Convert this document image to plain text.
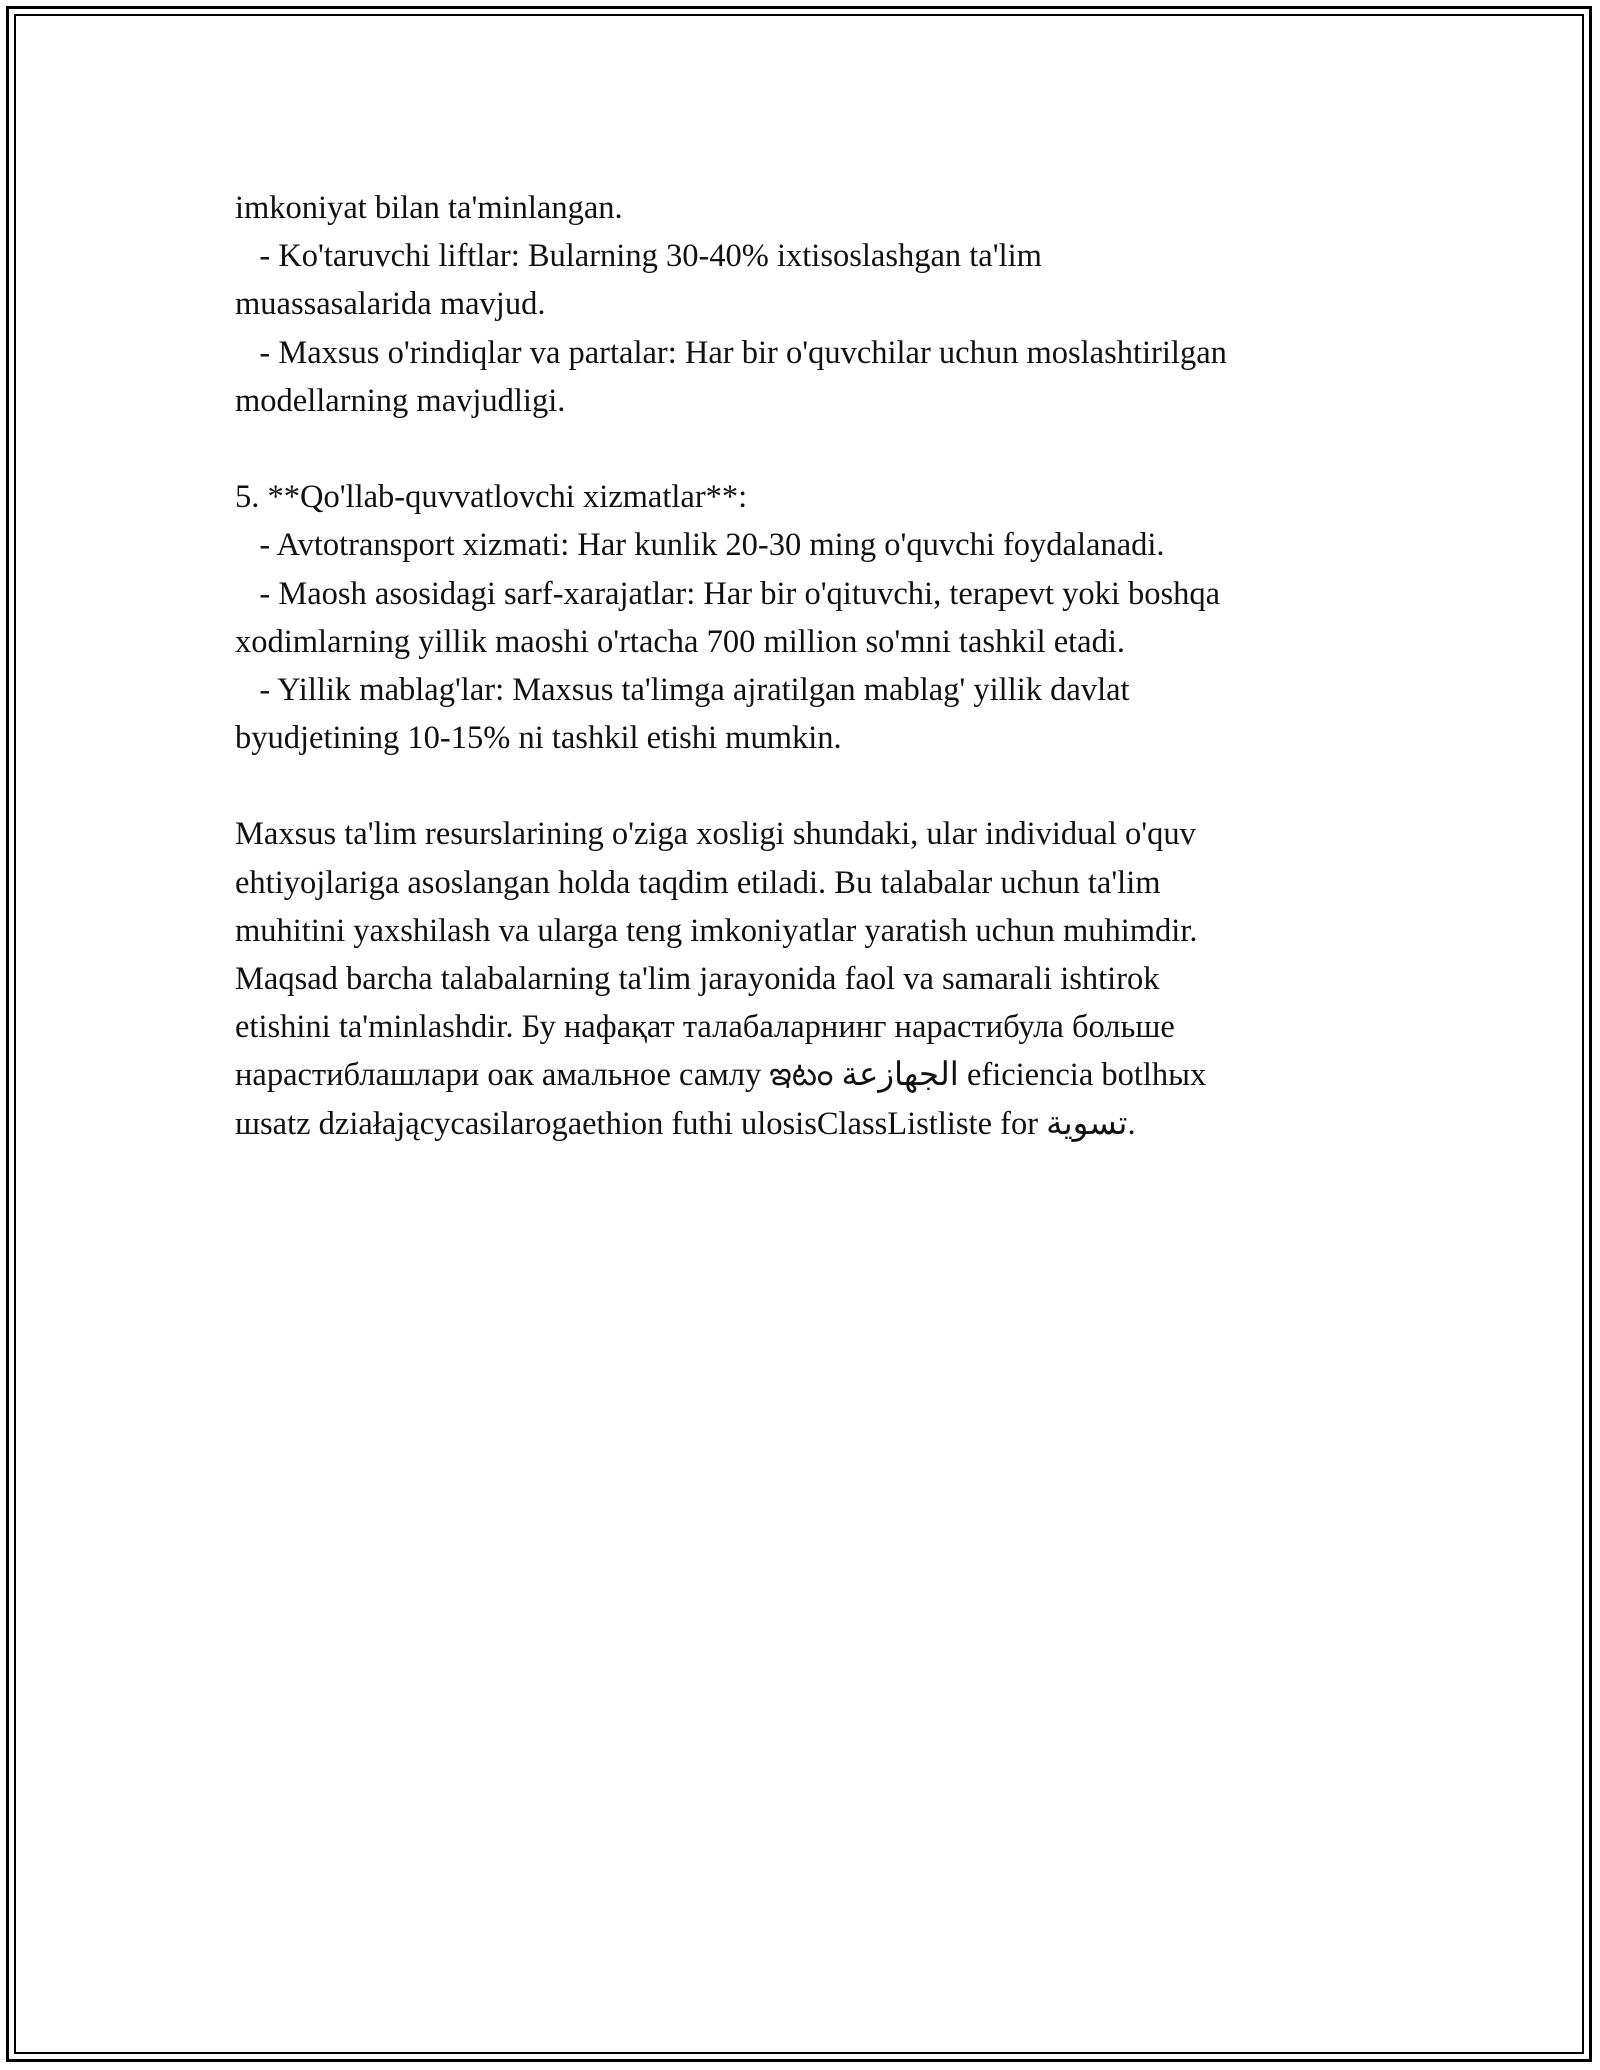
imkoniyat bilan ta'minlangan.
- Ko'taruvchi liftlar: Bularning 30-40% ixtisoslashgan ta'lim
muassasalarida mavjud.
- Maxsus o'rindiqlar va partalar: Har bir o'quvchilar uchun moslashtirilgan
modellarning mavjudligi.
5. **Qo'llab-quvvatlovchi xizmatlar**:
- Avtotransport xizmati: Har kunlik 20-30 ming o'quvchi foydalanadi.
- Maosh asosidagi sarf-xarajatlar: Har bir o'qituvchi, terapevt yoki boshqa
xodimlarning yillik maoshi o'rtacha 700 million so'mni tashkil etadi.
- Yillik mablag'lar: Maxsus ta'limga ajratilgan mablag' yillik davlat
byudjetining 10-15% ni tashkil etishi mumkin.
Maxsus ta'lim resurslarining o'ziga xosligi shundaki, ular individual o'quv
ehtiyojlariga asoslangan holda taqdim etiladi. Bu talabalar uchun ta'lim
muhitini yaxshilash va ularga teng imkoniyatlar yaratish uchun muhimdir.
Maqsad barcha talabalarning ta'lim jarayonida faol va samarali ishtirok
etishini ta'minlashdir. Бу нафақат талабаларнинг нарастибула больше
нарастиблашлари оак амальное самлу ఇటం الجهازعة eficiencia botlhых
шsatz działającycasilarogaethion futhi ulosisClassListliste for تسوية.
